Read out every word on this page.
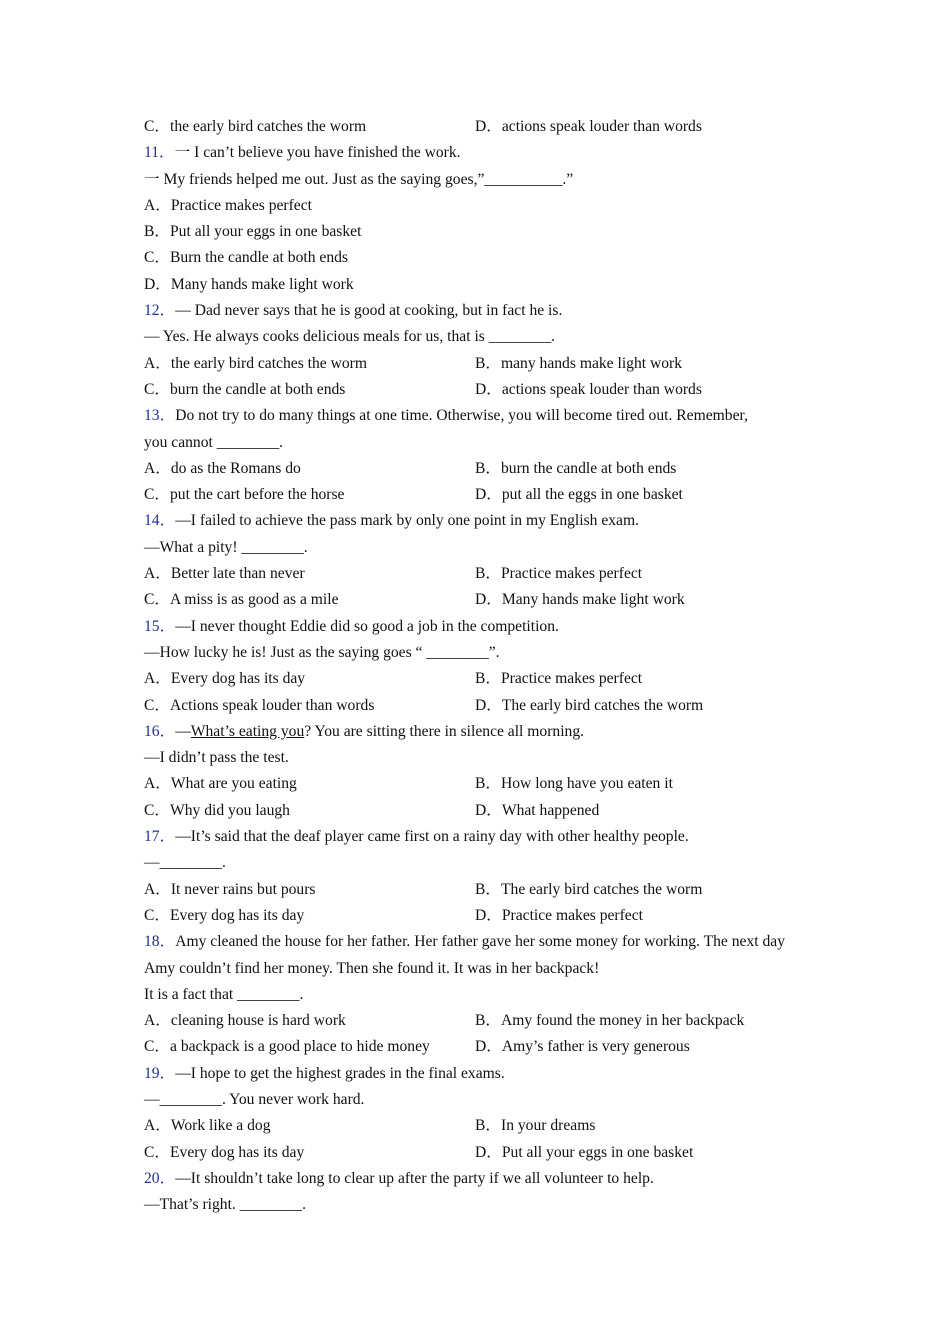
C．the early bird catches the worm	D．actions speak louder than words
11．一 I can’t believe you have finished the work.
一 My friends helped me out. Just as the saying goes,”__________.”
A．Practice makes perfect
B．Put all your eggs in one basket
C．Burn the candle at both ends
D．Many hands make light work
12．— Dad never says that he is good at cooking, but in fact he is.
— Yes. He always cooks delicious meals for us, that is ________.
A．the early bird catches the worm	B．many hands make light work
C．burn the candle at both ends	D．actions speak louder than words
13．Do not try to do many things at one time. Otherwise, you will become tired out. Remember,
you cannot ________.
A．do as the Romans do	B．burn the candle at both ends
C．put the cart before the horse	D．put all the eggs in one basket
14．—I failed to achieve the pass mark by only one point in my English exam.
—What a pity! ________.
A．Better late than never	B．Practice makes perfect
C．A miss is as good as a mile	D．Many hands make light work
15．—I never thought Eddie did so good a job in the competition.
—How lucky he is! Just as the saying goes “ ________”.
A．Every dog has its day	B．Practice makes perfect
C．Actions speak louder than words	D．The early bird catches the worm
16．—What’s eating you? You are sitting there in silence all morning.
—I didn’t pass the test.
A．What are you eating	B．How long have you eaten it
C．Why did you laugh	D．What happened
17．—It’s said that the deaf player came first on a rainy day with other healthy people.
—________.
A．It never rains but pours	B．The early bird catches the worm
C．Every dog has its day	D．Practice makes perfect
18．Amy cleaned the house for her father. Her father gave her some money for working. The next day Amy couldn’t find her money. Then she found it. It was in her backpack!
It is a fact that ________.
A．cleaning house is hard work	B．Amy found the money in her backpack
C．a backpack is a good place to hide money	D．Amy’s father is very generous
19．—I hope to get the highest grades in the final exams.
—________. You never work hard.
A．Work like a dog	B．In your dreams
C．Every dog has its day	D．Put all your eggs in one basket
20．—It shouldn’t take long to clear up after the party if we all volunteer to help.
—That’s right. ________.
